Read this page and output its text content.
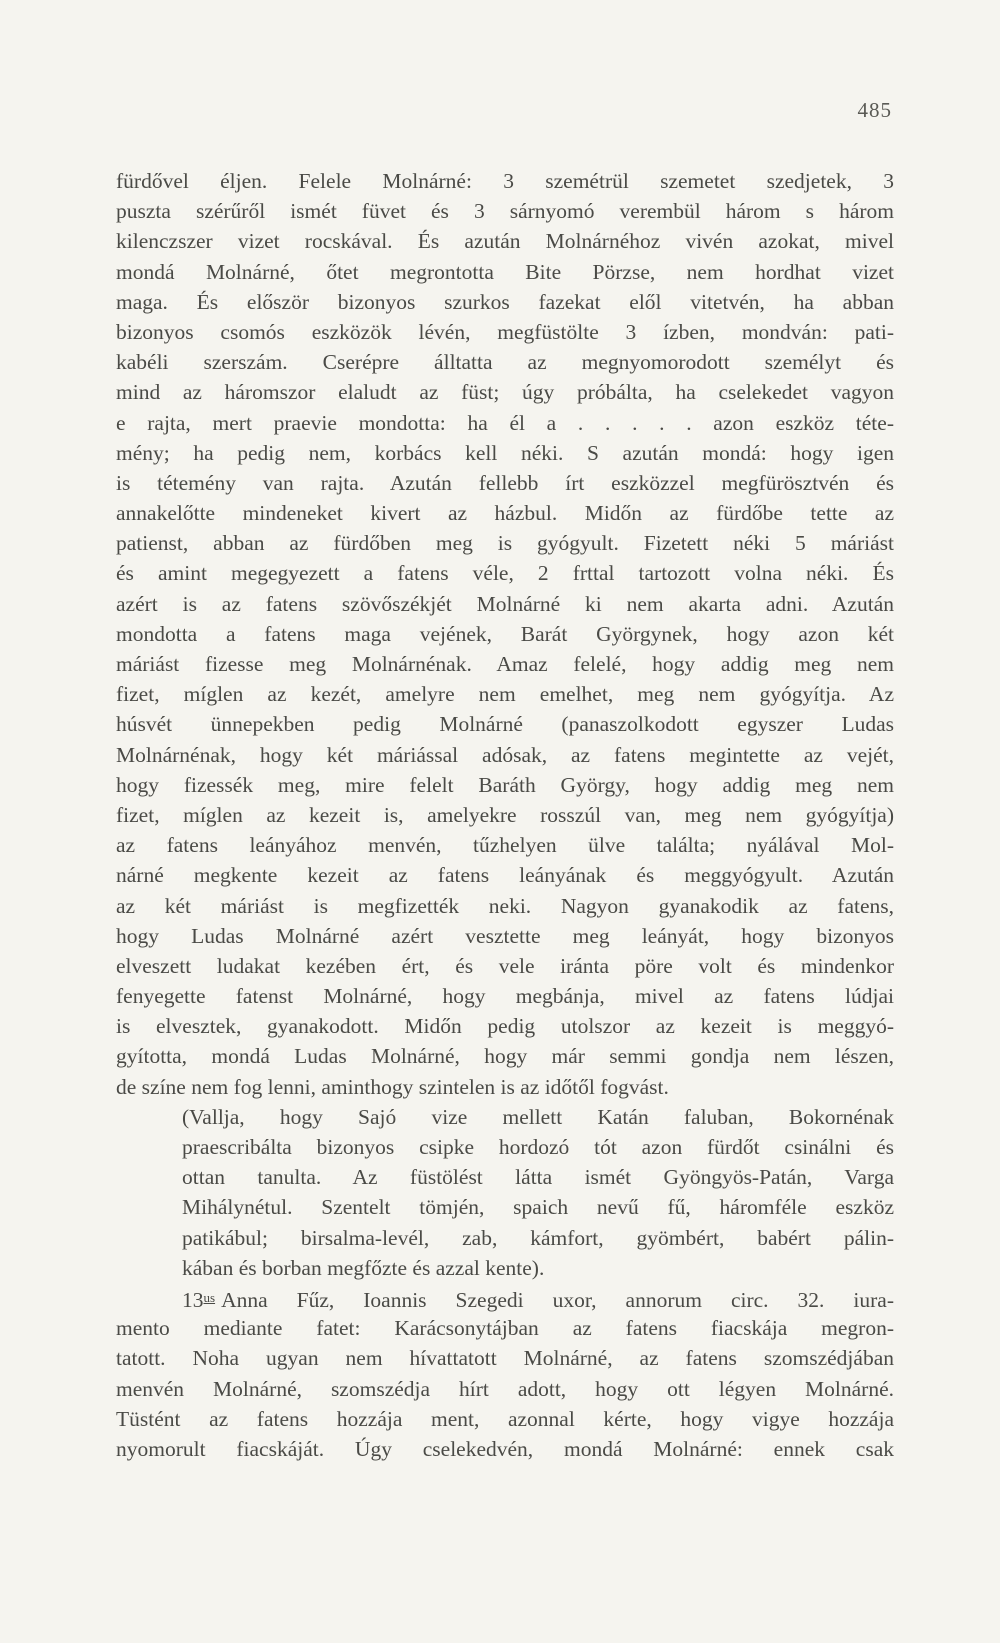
485
fürdővel éljen. Felele Molnárné: 3 szemétrül szemetet szedjetek, 3
puszta szérűről ismét füvet és 3 sárnyomó verembül három s három
kilenczszer vizet rocskával. És azután Molnárnéhoz vivén azokat, mivel
mondá Molnárné, őtet megrontotta Bite Pörzse, nem hordhat vizet
maga. És először bizonyos szurkos fazekat elől vitetvén, ha abban
bizonyos csomós eszközök lévén, megfüstölte 3 ízben, mondván: pati-
kabéli szerszám. Cserépre álltatta az megnyomorodott személyt és
mind az háromszor elaludt az füst; úgy próbálta, ha cselekedet vagyon
e rajta, mert praevie mondotta: ha él a . . . . . azon eszköz téte-
mény; ha pedig nem, korbács kell néki. S azután mondá: hogy igen
is tétemény van rajta. Azután fellebb írt eszközzel megfürösztvén és
annakelőtte mindeneket kivert az házbul. Midőn az fürdőbe tette az
patienst, abban az fürdőben meg is gyógyult. Fizetett néki 5 máriást
és amint megegyezett a fatens véle, 2 frttal tartozott volna néki. És
azért is az fatens szövőszékjét Molnárné ki nem akarta adni. Azután
mondotta a fatens maga vejének, Barát Györgynek, hogy azon két
máriást fizesse meg Molnárnénak. Amaz felelé, hogy addig meg nem
fizet, míglen az kezét, amelyre nem emelhet, meg nem gyógyítja. Az
húsvét ünnepekben pedig Molnárné (panaszolkodott egyszer Ludas
Molnárnénak, hogy két máriással adósak, az fatens megintette az vejét,
hogy fizessék meg, mire felelt Baráth György, hogy addig meg nem
fizet, míglen az kezeit is, amelyekre rosszúl van, meg nem gyógyítja)
az fatens leányához menvén, tűzhelyen ülve találta; nyálával Mol-
nárné megkente kezeit az fatens leányának és meggyógyult. Azután
az két máriást is megfizették neki. Nagyon gyanakodik az fatens,
hogy Ludas Molnárné azért vesztette meg leányát, hogy bizonyos
elveszett ludakat kezében ért, és vele iránta pöre volt és mindenkor
fenyegette fatenst Molnárné, hogy megbánja, mivel az fatens lúdjai
is elvesztek, gyanakodott. Midőn pedig utolszor az kezeit is meggyó-
gyította, mondá Ludas Molnárné, hogy már semmi gondja nem lészen,
de színe nem fog lenni, aminthogy szintelen is az időtől fogvást.
(Vallja, hogy Sajó vize mellett Katán faluban, Bokornénak
praescribálta bizonyos csipke hordozó tót azon fürdőt csinálni és
ottan tanulta. Az füstölést látta ismét Gyöngyös-Patán, Varga
Mihálynétul. Szentelt tömjén, spaich nevű fű, háromféle eszköz
patikábul; birsalma-levél, zab, kámfort, gyömbért, babért pálin-
kában és borban megfőzte és azzal kente).
$13^{us}$ Anna Fűz, Ioannis Szegedi uxor, annorum circ. 32. iura-
mento mediante fatet: Karácsonytájban az fatens fiacskája megron-
tatott. Noha ugyan nem hívattatott Molnárné, az fatens szomszédjában
menvén Molnárné, szomszédja hírt adott, hogy ott légyen Molnárné.
Tüstént az fatens hozzája ment, azonnal kérte, hogy vigye hozzája
nyomorult fiacskáját. Úgy cselekedvén, mondá Molnárné: ennek csak
